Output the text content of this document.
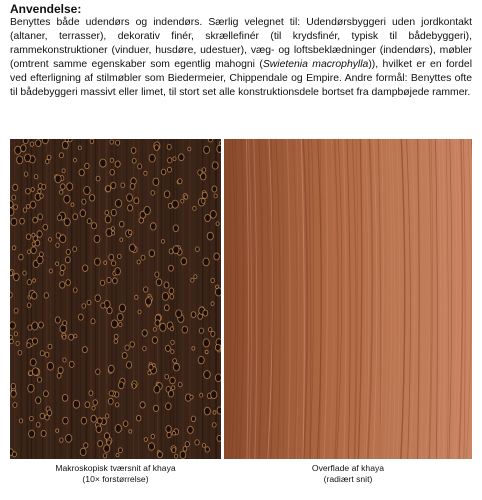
Anvendelse:

Benyttes både udendørs og indendørs. Særlig velegnet til: Udendørsbyggeri uden jordkontakt (altaner, terrasser), dekorativ finér, skrællefinér (til krydsfinér, typisk til bådebyggeri), rammekonstruktioner (vinduer, husdøre, udestuer), væg- og loftsbeklædninger (indendørs), møbler (omtrent samme egenskaber som egentlig mahogni (Swietenia macrophylla)), hvilket er en fordel ved efterligning af stilmøbler som Biedermeier, Chippendale og Empire. Andre formål: Benyttes ofte til bådebyggeri massivt eller limet, til stort set alle konstruktionsdele bortset fra dampbøjede rammer.

Makroskopisk tværsnit af khaya
(10× forstørrelse)
Overflade af khaya
(radiært snit)
